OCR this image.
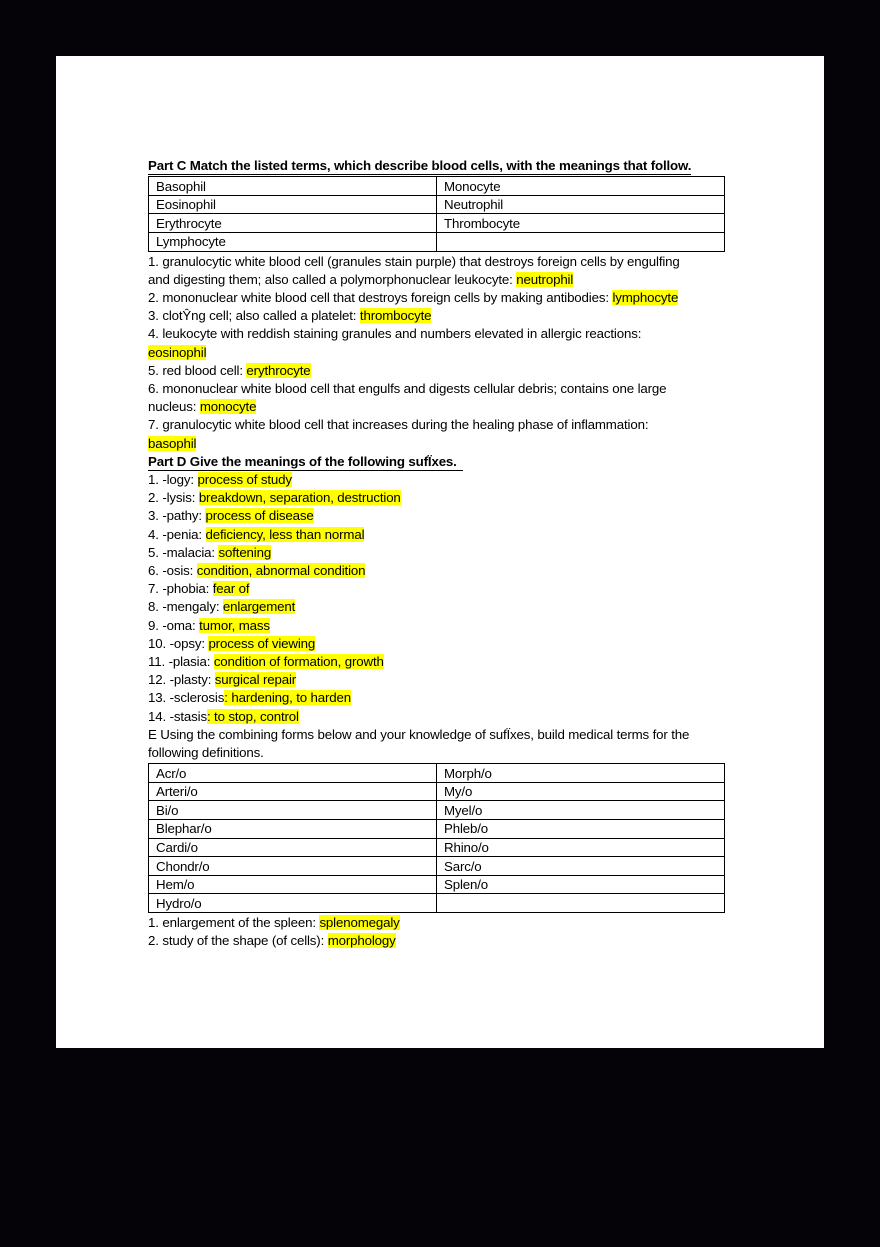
Part C Match the listed terms, which describe blood cells, with the meanings that follow.
Basophil	Monocyte
Eosinophil	Neutrophil
Erythrocyte	Thrombocyte
Lymphocyte	
1. granulocytic white blood cell (granules stain purple) that destroys foreign cells by engulfing
and digesting them; also called a polymorphonuclear leukocyte: neutrophil
2. mononuclear white blood cell that destroys foreign cells by making antibodies: lymphocyte
3. clotŶng cell; also called a platelet: thrombocyte
4. leukocyte with reddish staining granules and numbers elevated in allergic reactions:
eosinophil
5. red blood cell: erythrocyte
6. mononuclear white blood cell that engulfs and digests cellular debris; contains one large
nucleus: monocyte
7. granulocytic white blood cell that increases during the healing phase of inflammation:
basophil
Part D Give the meanings of the following sufÏxes.
1. -logy: process of study
2. -lysis: breakdown, separation, destruction
3. -pathy: process of disease
4. -penia: deficiency, less than normal
5. -malacia: softening
6. -osis: condition, abnormal condition
7. -phobia: fear of
8. -mengaly: enlargement
9. -oma: tumor, mass
10. -opsy: process of viewing
11. -plasia: condition of formation, growth
12. -plasty: surgical repair
13. -sclerosis: hardening, to harden
14. -stasis: to stop, control
E Using the combining forms below and your knowledge of sufÏxes, build medical terms for the
following definitions.
Acr/o	Morph/o
Arteri/o	My/o
Bi/o	Myel/o
Blephar/o	Phleb/o
Cardi/o	Rhino/o
Chondr/o	Sarc/o
Hem/o	Splen/o
Hydro/o	
1. enlargement of the spleen: splenomegaly
2. study of the shape (of cells): morphology
